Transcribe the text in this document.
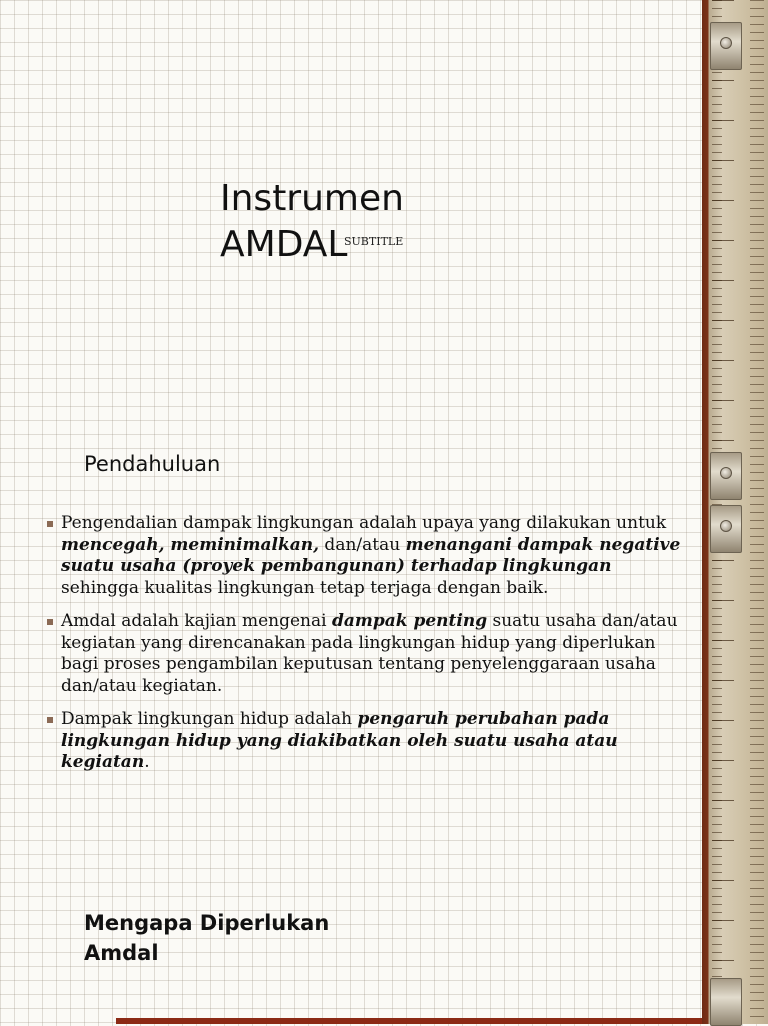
Instrumen
AMDAL
SUBTITLE
Pendahuluan
Pengendalian dampak lingkungan adalah upaya yang dilakukan untuk mencegah, meminimalkan, dan/atau menangani dampak negative suatu usaha (proyek pembangunan) terhadap lingkungan sehingga kualitas lingkungan tetap terjaga dengan baik.
Amdal adalah kajian mengenai dampak penting suatu usaha dan/atau kegiatan yang direncanakan pada lingkungan hidup yang diperlukan bagi proses pengambilan keputusan tentang penyelenggaraan usaha dan/atau kegiatan.
Dampak lingkungan hidup adalah pengaruh perubahan pada lingkungan hidup yang diakibatkan oleh suatu usaha atau kegiatan.
Mengapa Diperlukan
Amdal
